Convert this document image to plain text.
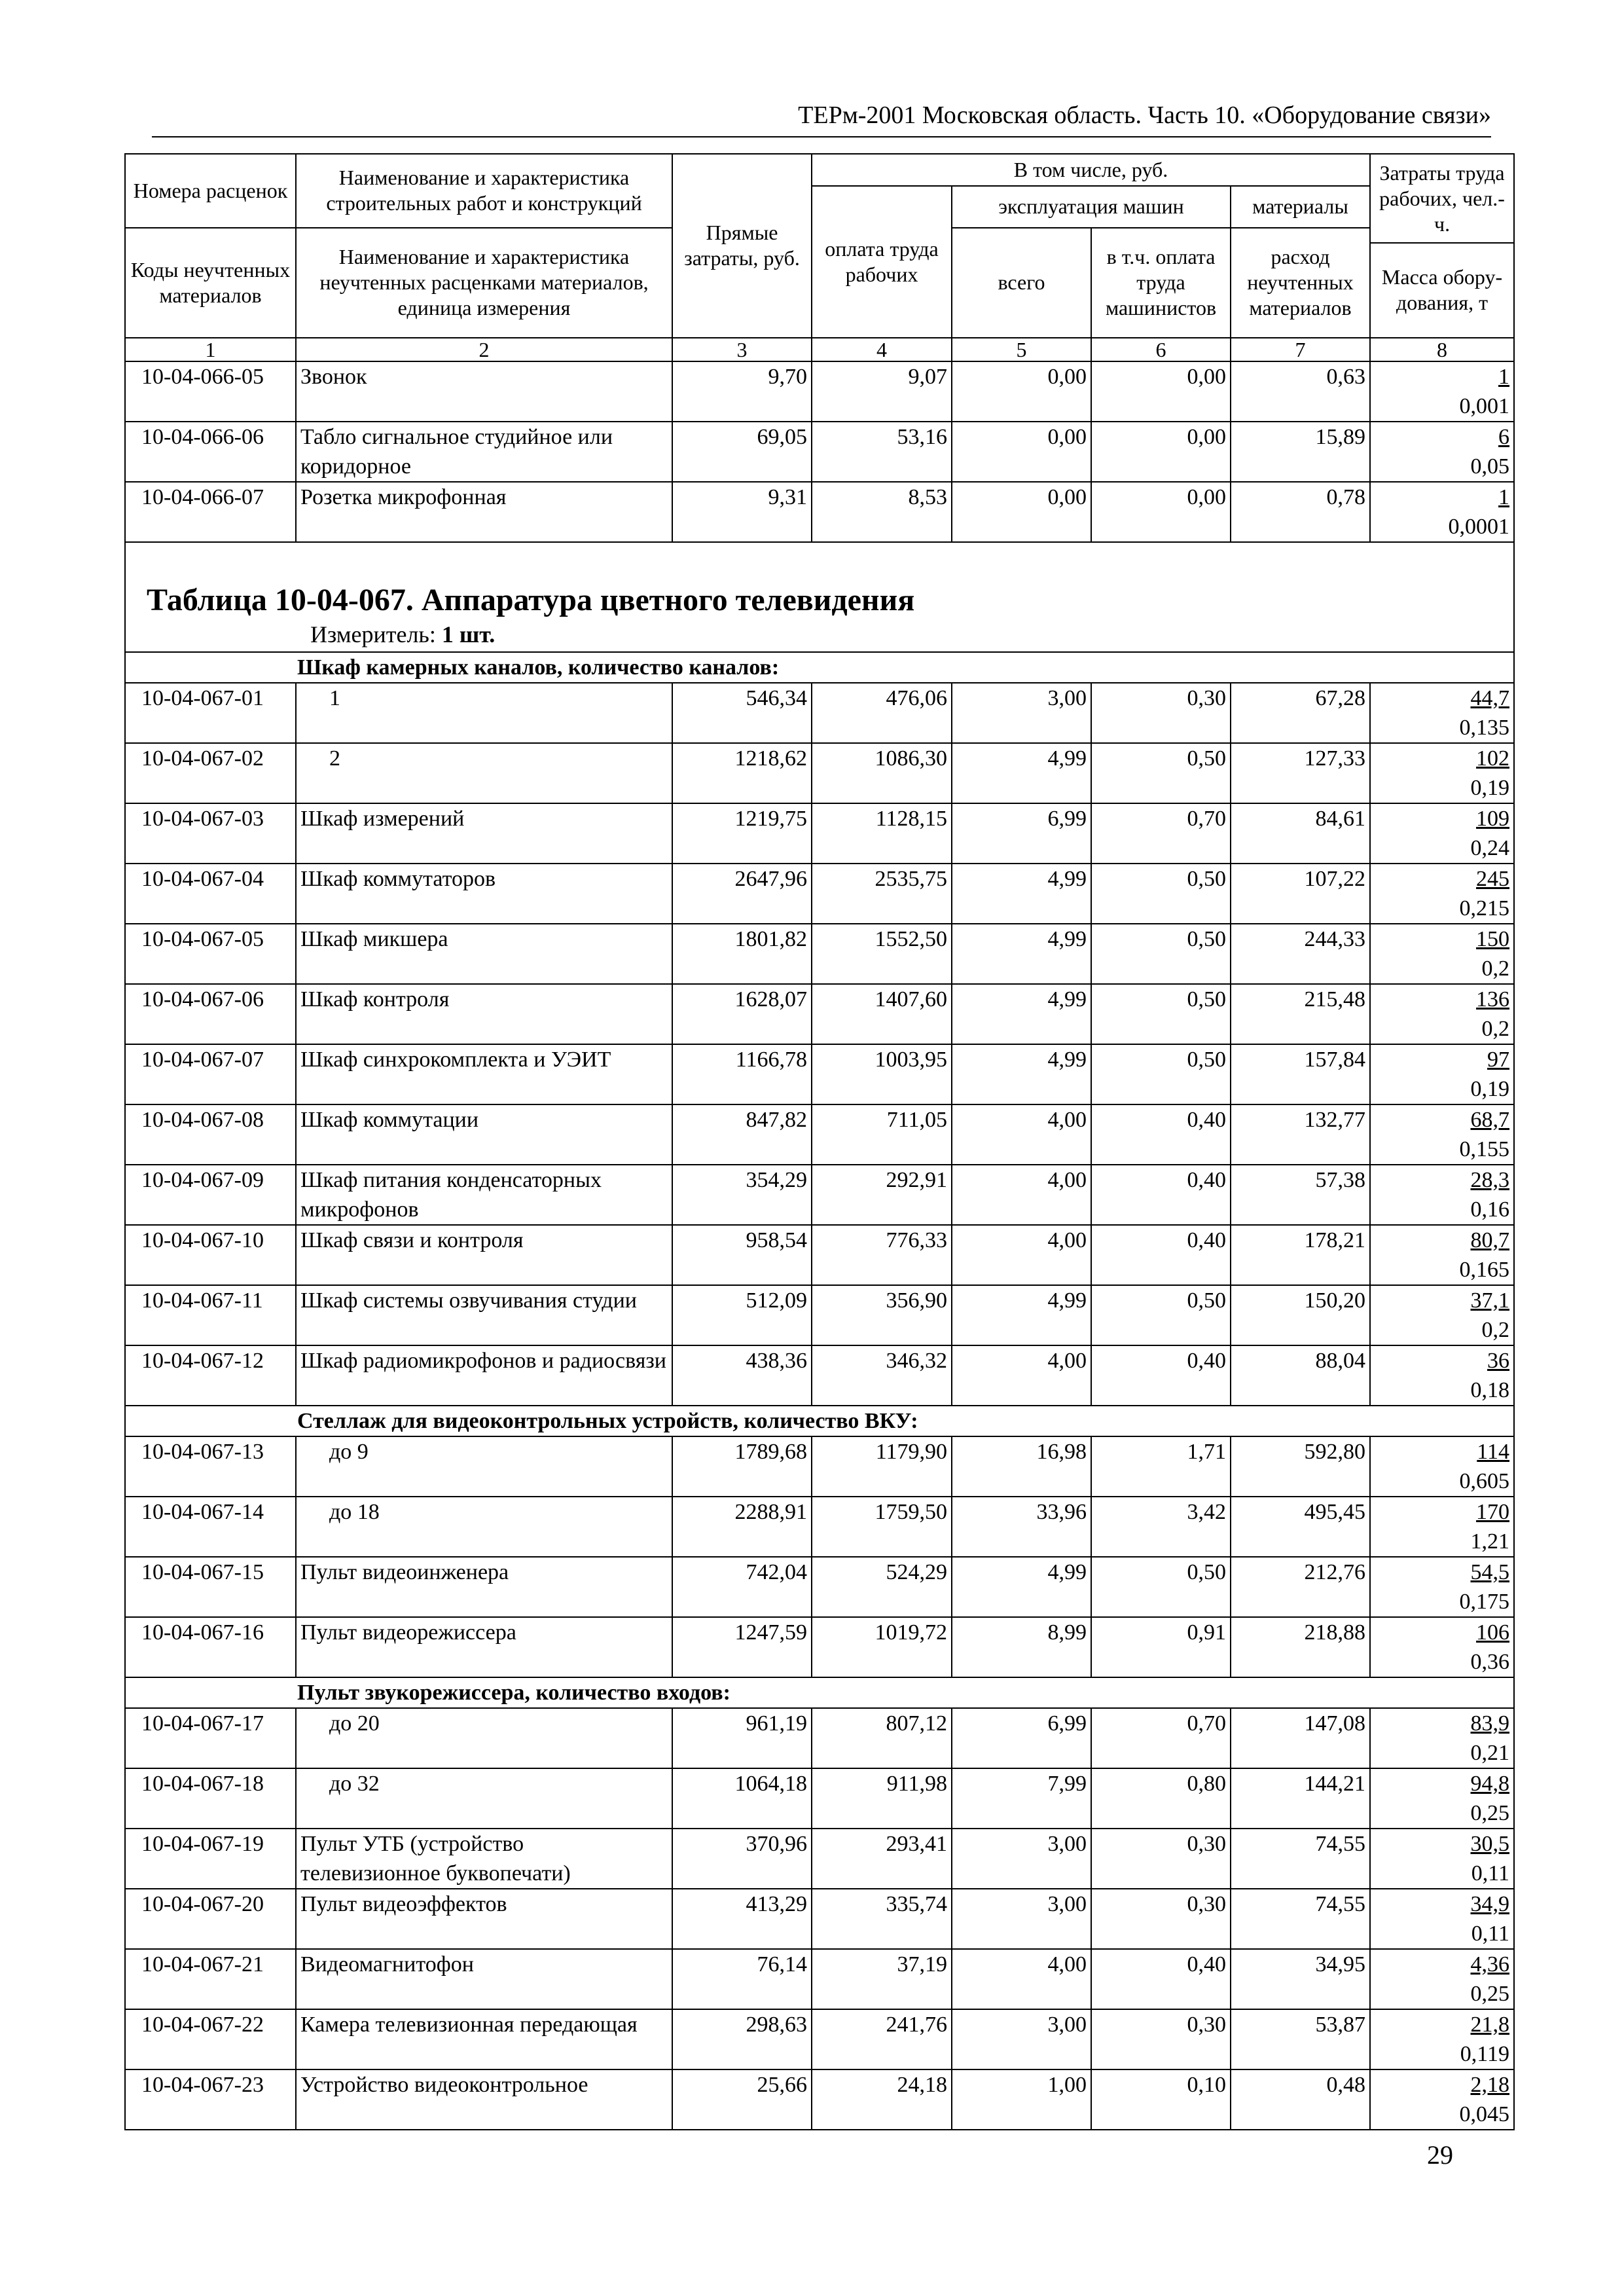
ТЕРм-2001 Московская область. Часть 10. «Оборудование связи»
Номера расценок	Наименование и характеристика строительных работ и конструкций	Прямые затраты, руб.	В том числе, руб.				Затраты труда рабочих, чел.-ч.
			оплата труда рабочих	эксплуатация машин		материалы	
Коды неучтенных материалов	Наименование и характеристика неучтенных расценками материалов, единица измерения			всего	в т.ч. оплата труда машинистов	расход неучтенных материалов	
							Масса обору-дования, т
1	2	3	4	5	6	7	8
10-04-066-05	Звонок	9,70	9,07	0,00	0,00	0,63	1
0,001

10-04-066-06	Табло сигнальное студийное или коридорное	69,05	53,16	0,00	0,00	15,89	6
0,05

10-04-066-07	Розетка микрофонная	9,31	8,53	0,00	0,00	0,78	1
0,0001

Таблица 10-04-067. Аппаратура цветного телевидения
Измеритель: 1 шт.							

Шкаф камерных каналов, количество каналов:							
10-04-067-01	1	546,34	476,06	3,00	0,30	67,28	44,7
0,135

10-04-067-02	2	1218,62	1086,30	4,99	0,50	127,33	102
0,19

10-04-067-03	Шкаф измерений	1219,75	1128,15	6,99	0,70	84,61	109
0,24

10-04-067-04	Шкаф коммутаторов	2647,96	2535,75	4,99	0,50	107,22	245
0,215

10-04-067-05	Шкаф микшера	1801,82	1552,50	4,99	0,50	244,33	150
0,2

10-04-067-06	Шкаф контроля	1628,07	1407,60	4,99	0,50	215,48	136
0,2

10-04-067-07	Шкаф синхрокомплекта и УЭИТ	1166,78	1003,95	4,99	0,50	157,84	97
0,19

10-04-067-08	Шкаф коммутации	847,82	711,05	4,00	0,40	132,77	68,7
0,155

10-04-067-09	Шкаф питания конденсаторных микрофонов	354,29	292,91	4,00	0,40	57,38	28,3
0,16

10-04-067-10	Шкаф связи и контроля	958,54	776,33	4,00	0,40	178,21	80,7
0,165

10-04-067-11	Шкаф системы озвучивания студии	512,09	356,90	4,99	0,50	150,20	37,1
0,2

10-04-067-12	Шкаф радиомикрофонов и радиосвязи	438,36	346,32	4,00	0,40	88,04	36
0,18

Стеллаж для видеоконтрольных устройств, количество ВКУ:							
10-04-067-13	до 9	1789,68	1179,90	16,98	1,71	592,80	114
0,605

10-04-067-14	до 18	2288,91	1759,50	33,96	3,42	495,45	170
1,21

10-04-067-15	Пульт видеоинженера	742,04	524,29	4,99	0,50	212,76	54,5
0,175

10-04-067-16	Пульт видеорежиссера	1247,59	1019,72	8,99	0,91	218,88	106
0,36

Пульт звукорежиссера, количество входов:							
10-04-067-17	до 20	961,19	807,12	6,99	0,70	147,08	83,9
0,21

10-04-067-18	до 32	1064,18	911,98	7,99	0,80	144,21	94,8
0,25

10-04-067-19	Пульт УТБ (устройство телевизионное буквопечати)	370,96	293,41	3,00	0,30	74,55	30,5
0,11

10-04-067-20	Пульт видеоэффектов	413,29	335,74	3,00	0,30	74,55	34,9
0,11

10-04-067-21	Видеомагнитофон	76,14	37,19	4,00	0,40	34,95	4,36
0,25

10-04-067-22	Камера телевизионная передающая	298,63	241,76	3,00	0,30	53,87	21,8
0,119

10-04-067-23	Устройство видеоконтрольное	25,66	24,18	1,00	0,10	0,48	2,18
0,045
29
